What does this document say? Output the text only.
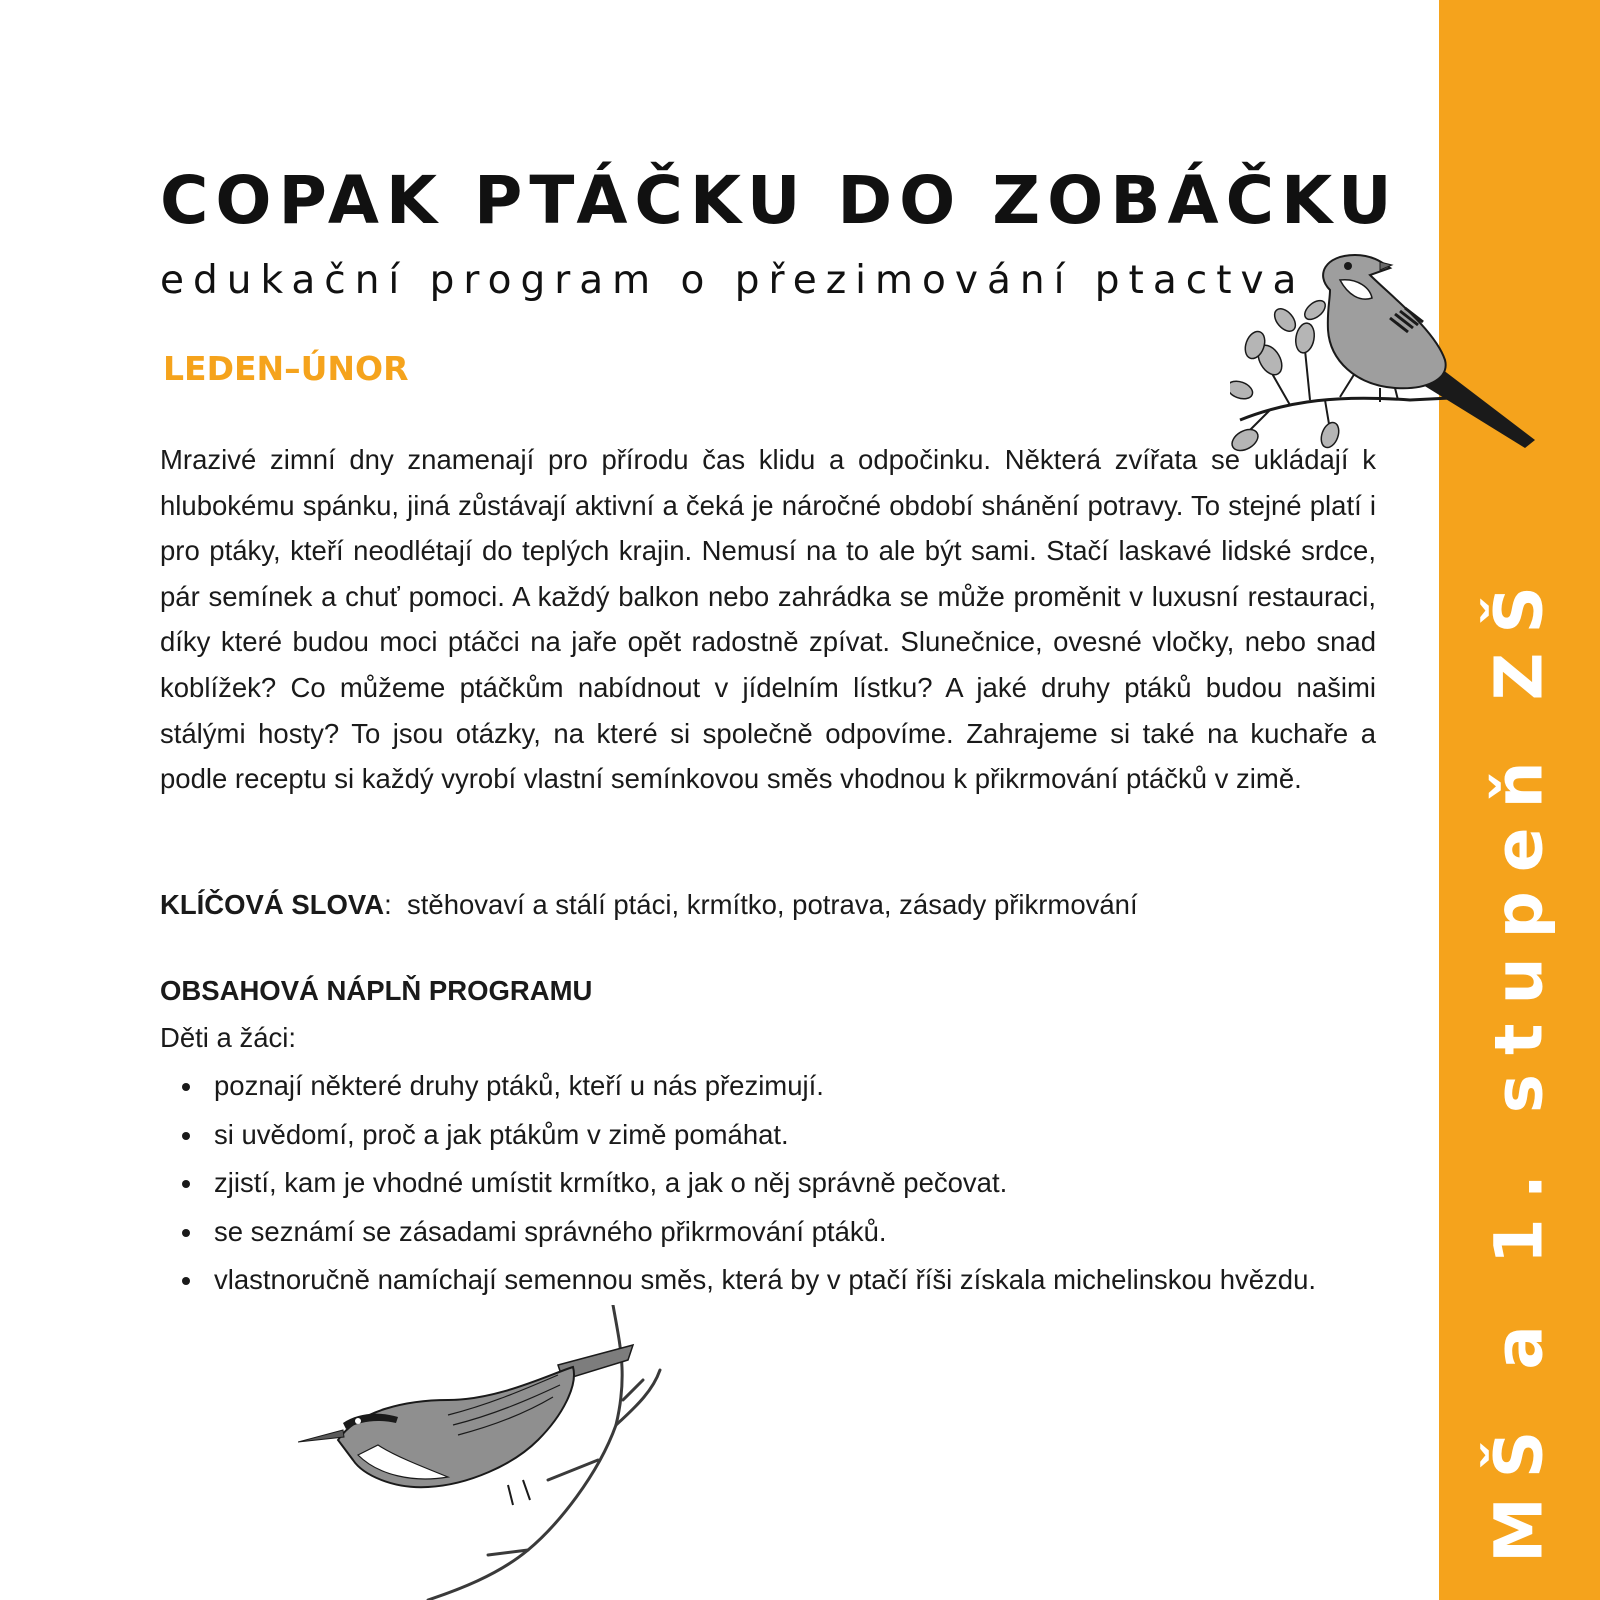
MŠ a 1. stupeň ZŠ
COPAK PTÁČKU DO ZOBÁČKU
edukační program o přezimování ptactva
LEDEN–ÚNOR

Mrazivé zimní dny znamenají pro přírodu čas klidu a odpočinku. Některá zvířata se ukládají k hlubokému spánku, jiná zůstávají aktivní a čeká je náročné období shánění potravy. To stejné platí i pro ptáky, kteří neodlétají do teplých krajin. Nemusí na to ale být sami. Stačí laskavé lidské srdce, pár semínek a chuť pomoci. A každý balkon nebo zahrádka se může proměnit v luxusní restauraci, díky které budou moci ptáčci na jaře opět radostně zpívat. Slunečnice, ovesné vločky, nebo snad koblížek? Co můžeme ptáčkům nabídnout v jídelním lístku? A jaké druhy ptáků budou našimi stálými hosty? To jsou otázky, na které si společně odpovíme. Zahrajeme si také na kuchaře a podle receptu si každý vyrobí vlastní semínkovou směs vhodnou k přikrmování ptáčků v zimě.

KLÍČOVÁ SLOVA: stěhovaví a stálí ptáci, krmítko, potrava, zásady přikrmování

OBSAHOVÁ NÁPLŇ PROGRAMU

Děti a žáci:

poznají některé druhy ptáků, kteří u nás přezimují.
si uvědomí, proč a jak ptákům v zimě pomáhat.
zjistí, kam je vhodné umístit krmítko, a jak o něj správně pečovat.
se seznámí se zásadami správného přikrmování ptáků.
vlastnoručně namíchají semennou směs, která by v ptačí říši získala michelinskou hvězdu.
